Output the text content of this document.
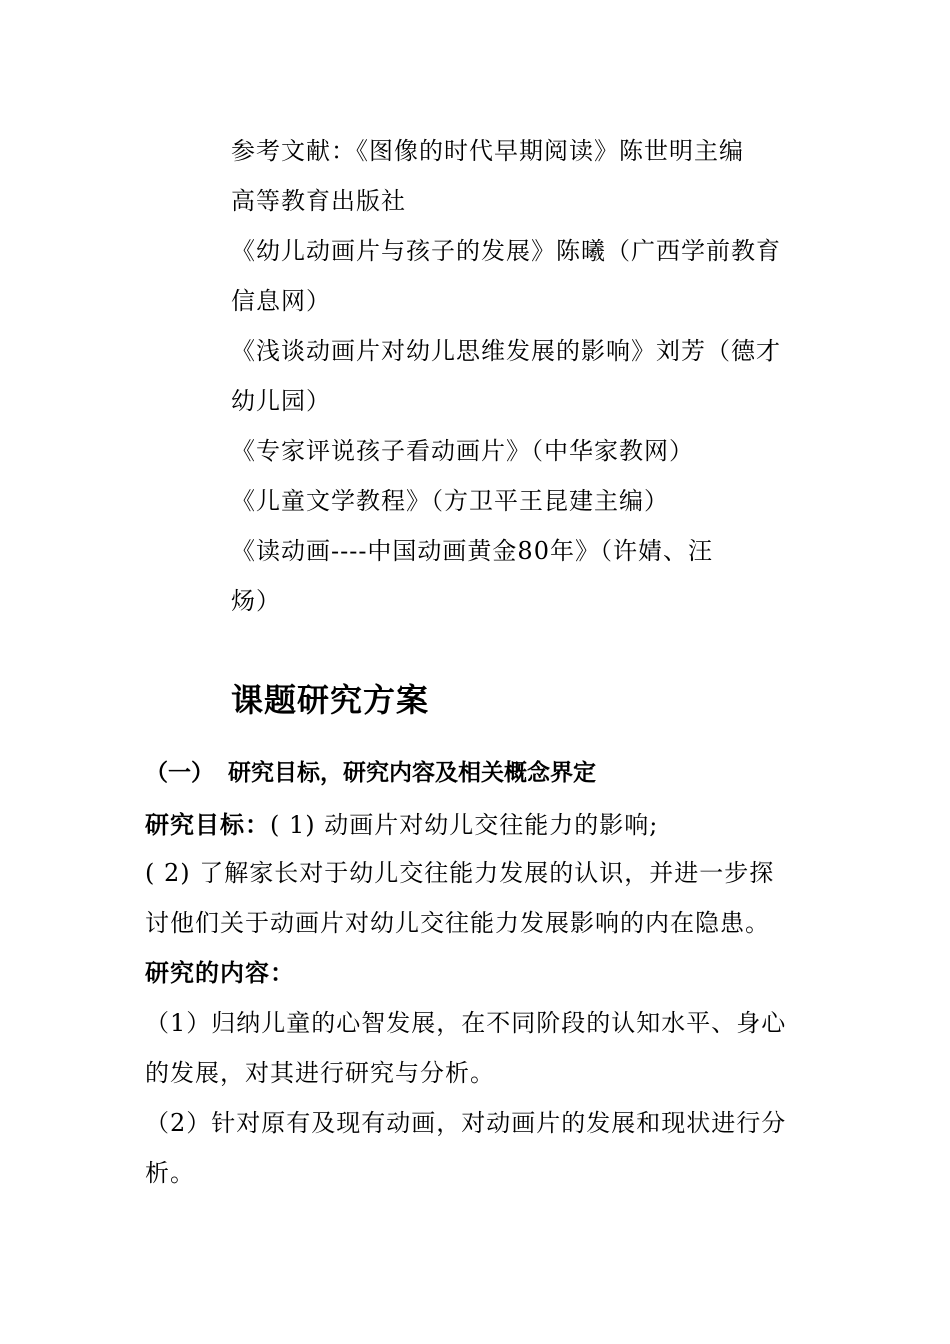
参考文献：《图像的时代早期阅读》陈世明主编
高等教育出版社
《幼儿动画片与孩子的发展》陈曦（广西学前教育
信息网）
《浅谈动画片对幼儿思维发展的影响》刘芳（德才
幼儿园）
《专家评说孩子看动画片》（中华家教网）
《儿童文学教程》（方卫平王昆建主编）
《读动画----中国动画黄金80年》（许婧、汪
炀）
课题研究方案
（一） 研究目标，研究内容及相关概念界定
研究目标：( 1) 动画片对幼儿交往能力的影响;
( 2) 了解家长对于幼儿交往能力发展的认识，并进一步探
讨他们关于动画片对幼儿交往能力发展影响的内在隐患。
研究的内容：
（1）归纳儿童的心智发展，在不同阶段的认知水平、身心
的发展，对其进行研究与分析。
（2）针对原有及现有动画，对动画片的发展和现状进行分
析。
